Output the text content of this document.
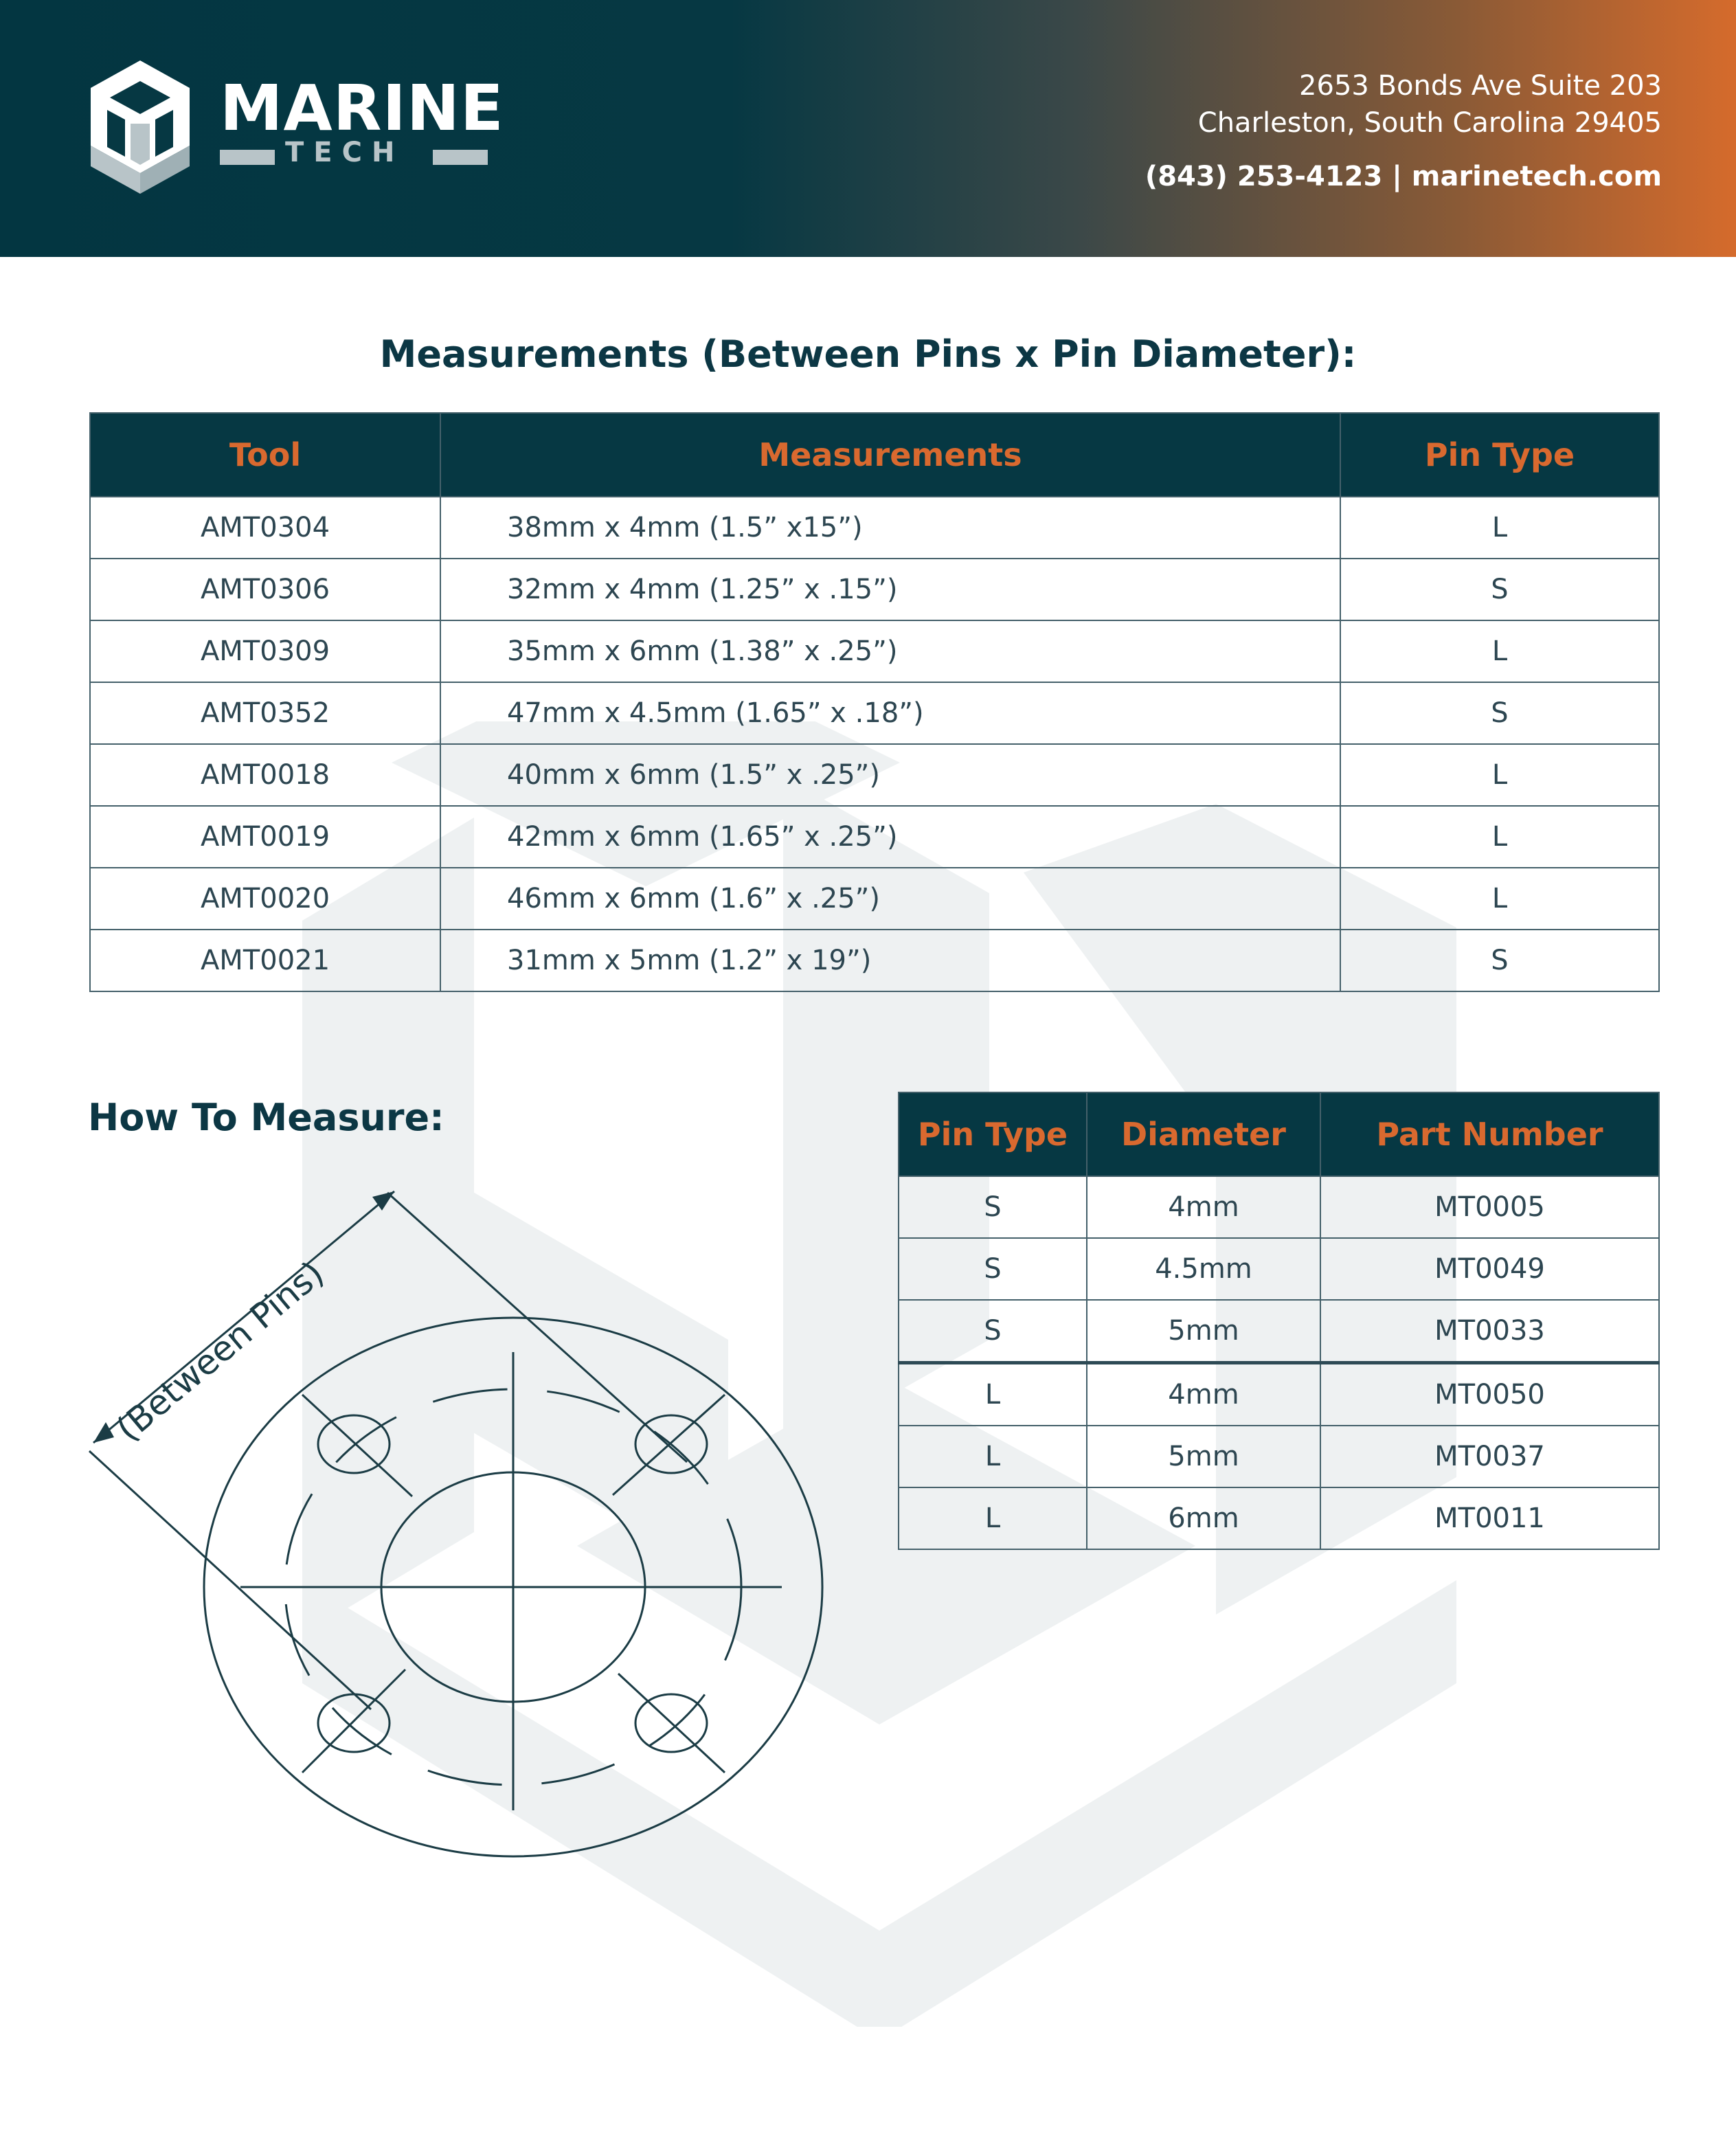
MARINE
TECH
2653 Bonds Ave Suite 203
Charleston, South Carolina 29405
(843) 253-4123 | marinetech.com
Measurements (Between Pins x Pin Diameter):
Tool	Measurements	Pin Type
AMT0304	38mm x 4mm (1.5” x15”)	L
AMT0306	32mm x 4mm (1.25” x .15”)	S
AMT0309	35mm x 6mm (1.38” x .25”)	L
AMT0352	47mm x 4.5mm (1.65” x .18”)	S
AMT0018	40mm x 6mm (1.5” x .25”)	L
AMT0019	42mm x 6mm (1.65” x .25”)	L
AMT0020	46mm x 6mm (1.6” x .25”)	L
AMT0021	31mm x 5mm (1.2” x 19”)	S
How To Measure:
(Between Pins)
Pin Type	Diameter	Part Number
S	4mm	MT0005
S	4.5mm	MT0049
S	5mm	MT0033
L	4mm	MT0050
L	5mm	MT0037
L	6mm	MT0011
